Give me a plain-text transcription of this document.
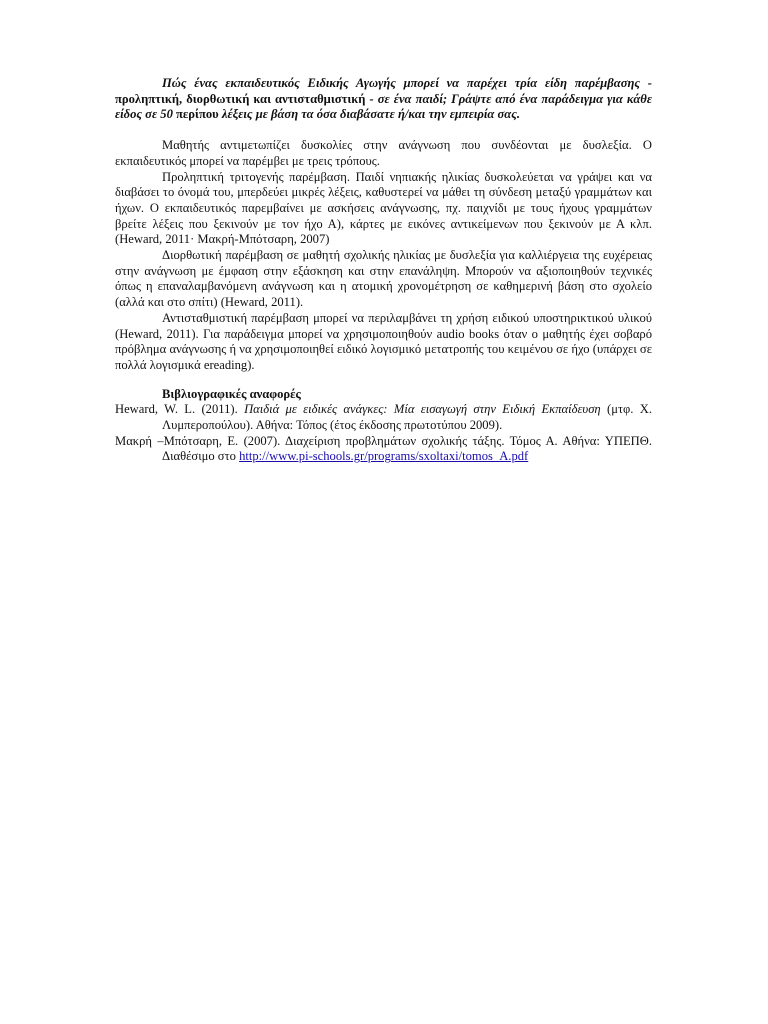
Πώς ένας εκπαιδευτικός Ειδικής Αγωγής μπορεί να παρέχει τρία είδη παρέμβασης - προληπτική, διορθωτική και αντισταθμιστική - σε ένα παιδί; Γράψτε από ένα παράδειγμα για κάθε είδος σε 50 περίπου λέξεις με βάση τα όσα διαβάσατε ή/και την εμπειρία σας.

Μαθητής αντιμετωπίζει δυσκολίες στην ανάγνωση που συνδέονται με δυσλεξία. Ο εκπαιδευτικός μπορεί να παρέμβει με τρεις τρόπους.

Προληπτική τριτογενής παρέμβαση. Παιδί νηπιακής ηλικίας δυσκολεύεται να γράψει και να διαβάσει το όνομά του, μπερδεύει μικρές λέξεις, καθυστερεί να μάθει τη σύνδεση μεταξύ γραμμάτων και ήχων. Ο εκπαιδευτικός παρεμβαίνει με ασκήσεις ανάγνωσης, πχ. παιχνίδι με τους ήχους γραμμάτων βρείτε λέξεις που ξεκινούν με τον ήχο Α), κάρτες με εικόνες αντικείμενων που ξεκινούν με Α κλπ. (Heward, 2011· Μακρή-Μπότσαρη, 2007)

Διορθωτική παρέμβαση σε μαθητή σχολικής ηλικίας με δυσλεξία για καλλιέργεια της ευχέρειας στην ανάγνωση με έμφαση στην εξάσκηση και στην επανάληψη. Μπορούν να αξιοποιηθούν τεχνικές όπως η επαναλαμβανόμενη ανάγνωση και η ατομική χρονομέτρηση σε καθημερινή βάση στο σχολείο (αλλά και στο σπίτι) (Heward, 2011).

Αντισταθμιστική παρέμβαση μπορεί να περιλαμβάνει τη χρήση ειδικού υποστηρικτικού υλικού (Heward, 2011). Για παράδειγμα μπορεί να χρησιμοποιηθούν audio books όταν ο μαθητής έχει σοβαρό πρόβλημα ανάγνωσης ή να χρησιμοποιηθεί ειδικό λογισμικό μετατροπής του κειμένου σε ήχο (υπάρχει σε πολλά λογισμικά ereading).

Βιβλιογραφικές αναφορές

Heward, W. L. (2011). Παιδιά με ειδικές ανάγκες: Μία εισαγωγή στην Ειδική Εκπαίδευση (μτφ. Χ. Λυμπεροπούλου). Αθήνα: Τόπος (έτος έκδοσης πρωτοτύπου 2009).

Μακρή –Μπότσαρη, Ε. (2007). Διαχείριση προβλημάτων σχολικής τάξης. Τόμος Α. Αθήνα: ΥΠΕΠΘ. Διαθέσιμο στο http://www.pi-schools.gr/programs/sxoltaxi/tomos_A.pdf
